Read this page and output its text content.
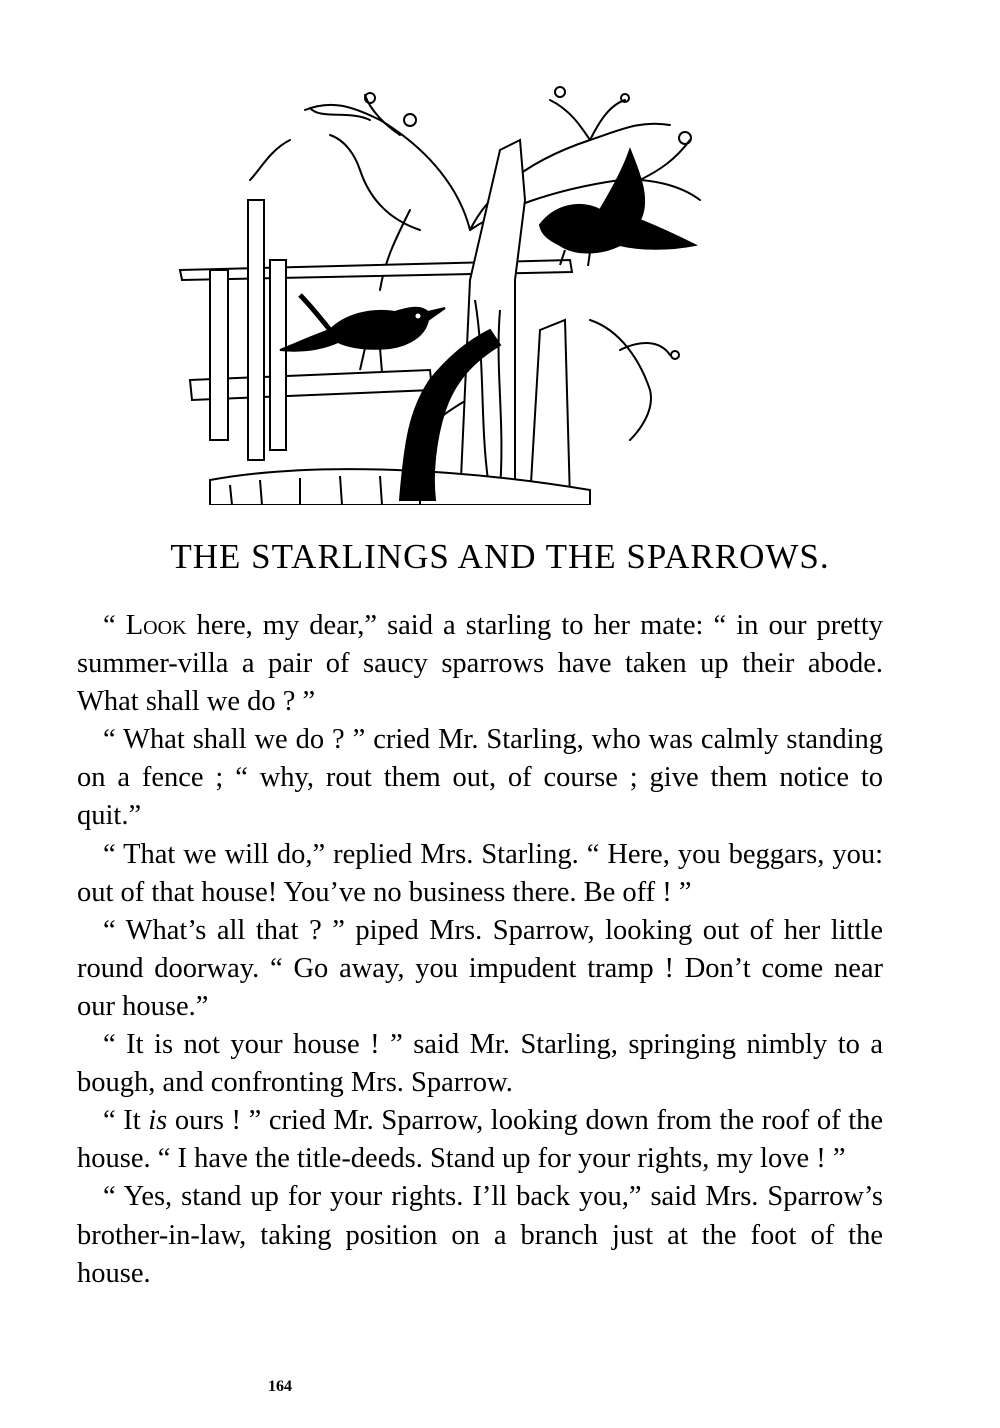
THE STARLINGS AND THE SPARROWS.

“ Look here, my dear,” said a starling to her mate: “ in our pretty summer-villa a pair of saucy sparrows have taken up their abode. What shall we do ? ”

“ What shall we do ? ” cried Mr. Starling, who was calmly standing on a fence ; “ why, rout them out, of course ; give them notice to quit.”

“ That we will do,” replied Mrs. Starling. “ Here, you beggars, you: out of that house! You’ve no business there. Be off ! ”

“ What’s all that ? ” piped Mrs. Sparrow, looking out of her little round doorway. “ Go away, you impudent tramp ! Don’t come near our house.”

“ It is not your house ! ” said Mr. Starling, springing nimbly to a bough, and confronting Mrs. Sparrow.

“ It is ours ! ” cried Mr. Sparrow, looking down from the roof of the house. “ I have the title-deeds. Stand up for your rights, my love ! ”

“ Yes, stand up for your rights. I’ll back you,” said Mrs. Sparrow’s brother-in-law, taking position on a branch just at the foot of the house.

164
